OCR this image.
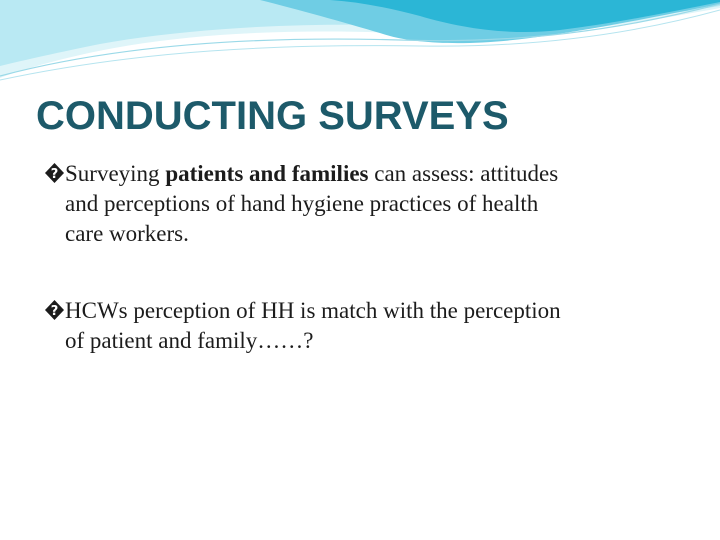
CONDUCTING SURVEYS
? Surveying patients and families can assess: attitudes
and perceptions of hand hygiene practices of health
care workers.
? HCWs perception of HH is match with the perception
of patient and family……?
